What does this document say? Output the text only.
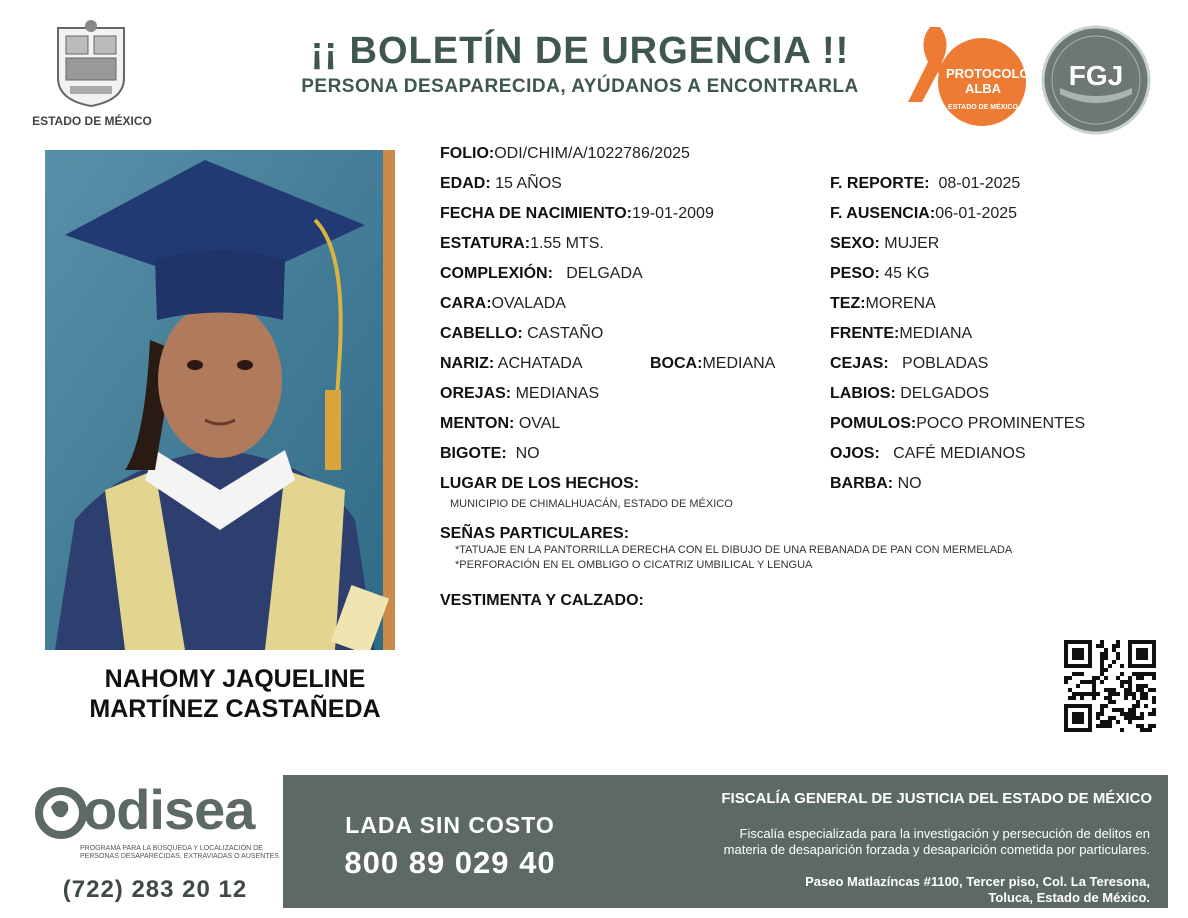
ESTADO DE MÉXICO
¡¡ BOLETÍN DE URGENCIA !!
PERSONA DESAPARECIDA, AYÚDANOS A ENCONTRARLA
PROTOCOLO
ALBA
ESTADO DE MÉXICO
FGJ
NAHOMY JAQUELINE
MARTÍNEZ CASTAÑEDA
FOLIO:ODI/CHIM/A/1022786/2025
EDAD: 15 AÑOS
FECHA DE NACIMIENTO:19-01-2009
ESTATURA:1.55 MTS.
COMPLEXIÓN: DELGADA
CARA:OVALADA
CABELLO: CASTAÑO
NARIZ: ACHATADA	BOCA:MEDIANA
OREJAS: MEDIANAS
MENTON: OVAL
BIGOTE: NO
LUGAR DE LOS HECHOS:
MUNICIPIO DE CHIMALHUACÁN, ESTADO DE MÉXICO
F. REPORTE: 08-01-2025
F. AUSENCIA:06-01-2025
SEXO: MUJER
PESO: 45 KG
TEZ:MORENA
FRENTE:MEDIANA
CEJAS: POBLADAS
LABIOS: DELGADOS
POMULOS:POCO PROMINENTES
OJOS: CAFÉ MEDIANOS
BARBA: NO
SEÑAS PARTICULARES:
*TATUAJE EN LA PANTORRILLA DERECHA CON EL DIBUJO DE UNA REBANADA DE PAN CON MERMELADA
*PERFORACIÓN EN EL OMBLIGO O CICATRIZ UMBILICAL Y LENGUA
VESTIMENTA Y CALZADO:
odisea
PROGRAMA PARA LA BÚSQUEDA Y LOCALIZACIÓN DE PERSONAS DESAPARECIDAS, EXTRAVIADAS O AUSENTES
(722) 283 20 12
LADA SIN COSTO
800 89 029 40
FISCALÍA GENERAL DE JUSTICIA DEL ESTADO DE MÉXICO
Fiscalía especializada para la investigación y persecución de delitos en
materia de desaparición forzada y desaparición cometida por particulares.
Paseo Matlazíncas #1100, Tercer piso, Col. La Teresona,
Toluca, Estado de México.
